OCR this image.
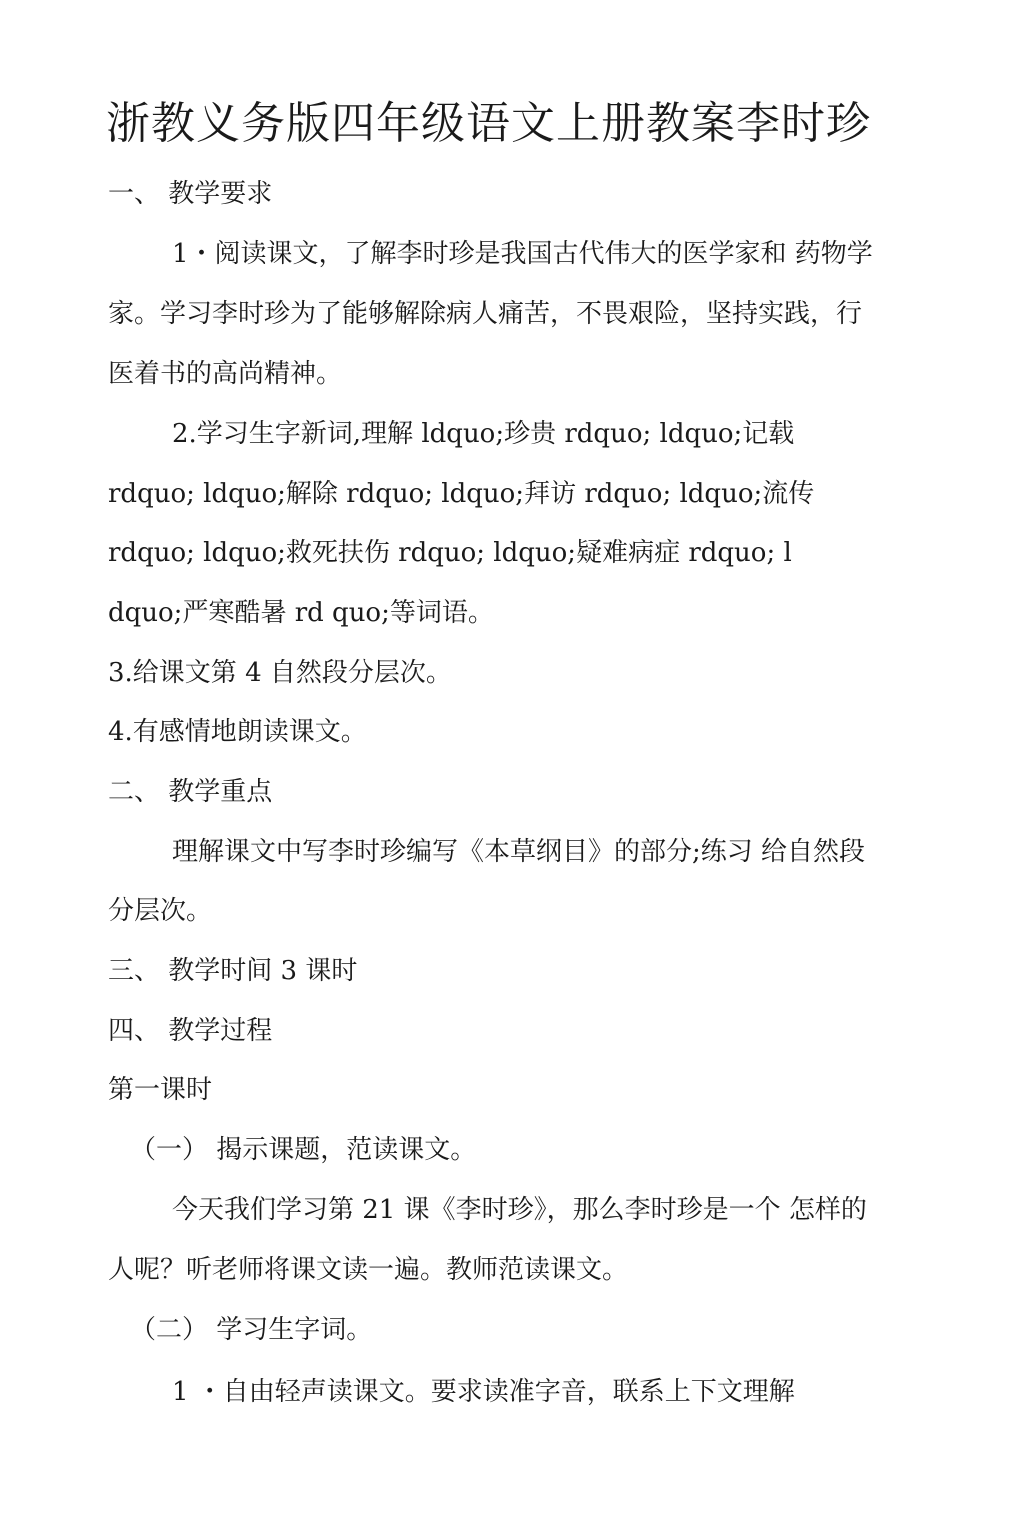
浙教义务版四年级语文上册教案李时珍

一、 教学要求

1・阅读课文，了解李时珍是我国古代伟大的医学家和 药物学

家。学习李时珍为了能够解除病人痛苦，不畏艰险，坚持实践，行

医着书的高尚精神。

2.学习生字新词,理解 ldquo;珍贵 rdquo; ldquo;记载

rdquo; ldquo;解除 rdquo; ldquo;拜访 rdquo; ldquo;流传

rdquo; ldquo;救死扶伤 rdquo; ldquo;疑难病症 rdquo; l

dquo;严寒酷暑 rd quo;等词语。

3.给课文第 4 自然段分层次。

4.有感情地朗读课文。

二、 教学重点

理解课文中写李时珍编写《本草纲目》的部分;练习 给自然段

分层次。

三、 教学时间 3 课时

四、 教学过程

第一课时

（一） 揭示课题，范读课文。

今天我们学习第 21 课《李时珍》，那么李时珍是一个 怎样的

人呢？听老师将课文读一遍。教师范读课文。

（二） 学习生字词。

1 ・自由轻声读课文。要求读准字音，联系上下文理解
